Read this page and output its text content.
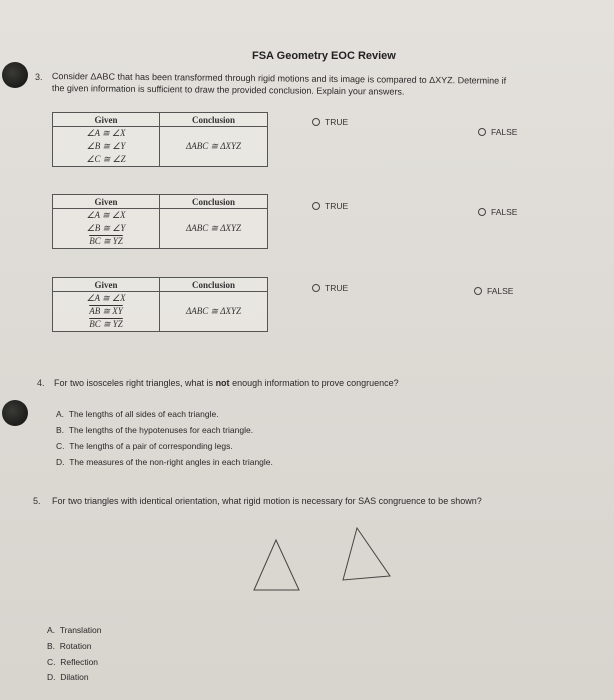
FSA Geometry EOC Review
3. Consider ΔABC that has been transformed through rigid motions and its image is compared to ΔXYZ. Determine if
the given information is sufficient to draw the provided conclusion. Explain your answers.
Given	Conclusion

∠A ≅ ∠X
∠B ≅ ∠Y
∠C ≅ ∠Z	ΔABC ≅ ΔXYZ
TRUE
FALSE
Given	Conclusion

∠A ≅ ∠X
∠B ≅ ∠Y
BC ≅ YZ	ΔABC ≅ ΔXYZ
TRUE
FALSE
Given	Conclusion

∠A ≅ ∠X
AB ≅ XY
BC ≅ YZ	ΔABC ≅ ΔXYZ
TRUE	FALSE
4. For two isosceles right triangles, what is not enough information to prove congruence?
A. The lengths of all sides of each triangle.
B. The lengths of the hypotenuses for each triangle.
C. The lengths of a pair of corresponding legs.
D. The measures of the non-right angles in each triangle.
5. For two triangles with identical orientation, what rigid motion is necessary for SAS congruence to be shown?
A. Translation
B. Rotation
C. Reflection
D. Dilation
